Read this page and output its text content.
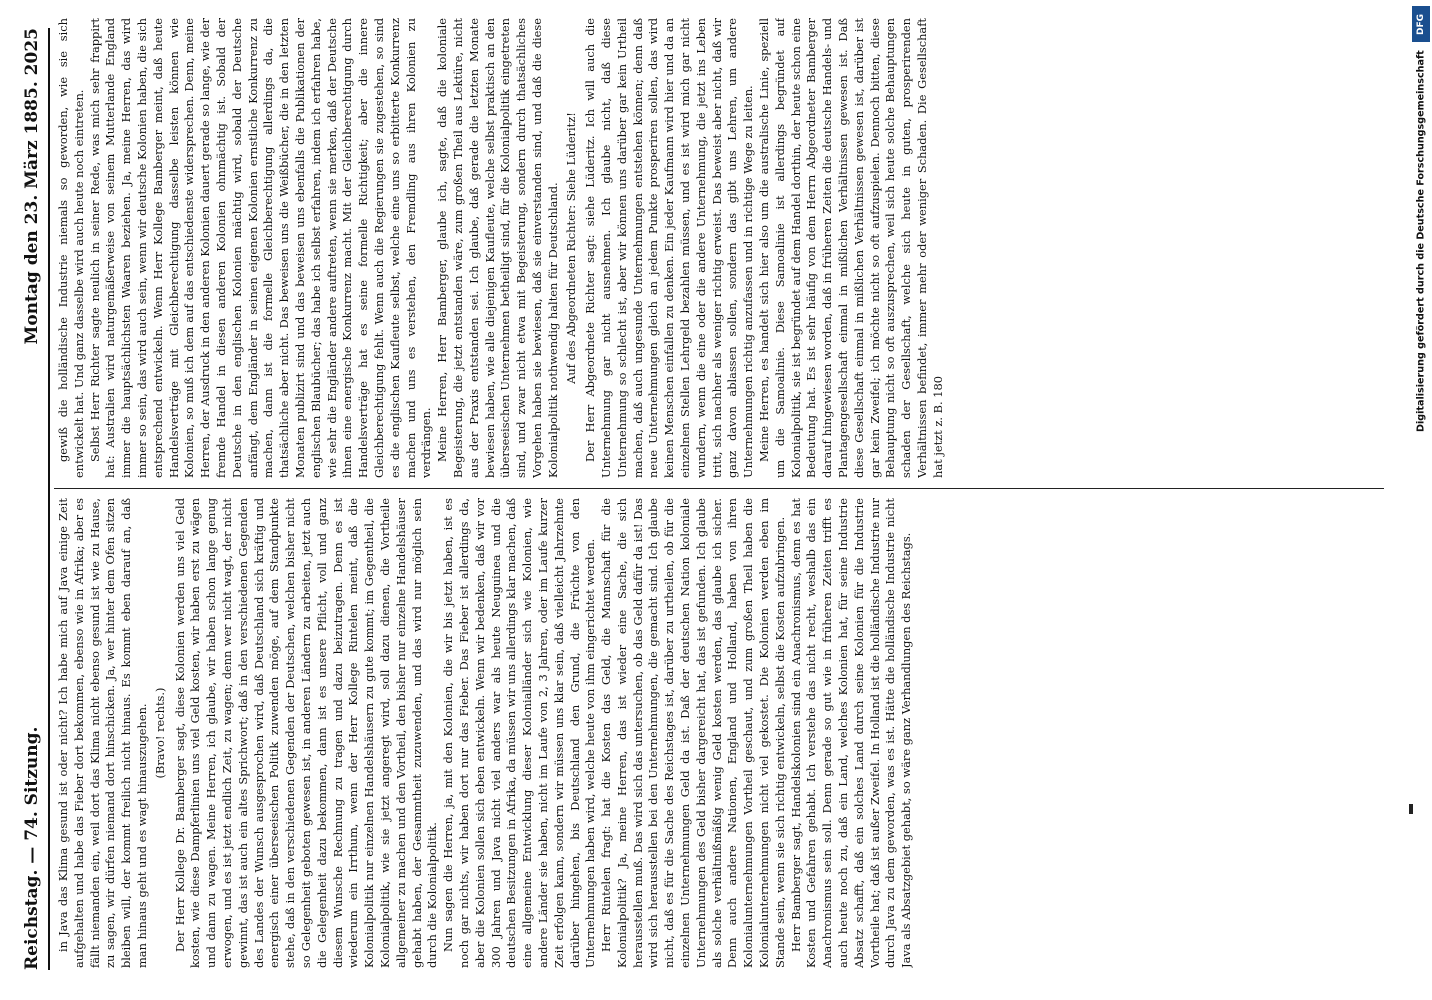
Reichstag. — 74. Sitzung.
Montag den 23. März 1885. 2025

in Java das Klima gesund ist oder nicht? Ich habe mich auf Java einige Zeit aufgehalten und habe das Fieber dort bekommen, ebenso wie in Afrika; aber es fällt niemanden ein, weil dort das Klima nicht ebenso gesund ist wie zu Hause, zu sagen, wir dürfen niemand dort hinschicken. Ja, wer hinter dem Ofen sitzen bleiben will, der kommt freilich nicht hinaus. Es kommt eben darauf an, daß man hinaus geht und es wagt hinauszugehen. (Bravo! rechts.) Der Herr Kollege Dr. Bamberger sagt, diese Kolonien werden uns viel Geld kosten, wie diese Dampferlinien uns viel Geld kosten, wir haben erst zu wägen und dann zu wagen. Meine Herren, ich glaube, wir haben schon lange genug erwogen, und es ist jetzt endlich Zeit, zu wagen; denn wer nicht wagt, der nicht gewinnt, das ist auch ein altes Sprichwort; daß in den verschiedenen Gegenden des Landes der Wunsch ausgesprochen wird, daß Deutschland sich kräftig und energisch einer überseeischen Politik zuwenden möge, auf dem Standpunkte stehe, daß in den verschiedenen Gegenden der Deutschen, welchen bisher nicht so Gelegenheit geboten gewesen ist, in anderen Ländern zu arbeiten, jetzt auch die Gelegenheit dazu bekommen, dann ist es unsere Pflicht, voll und ganz diesem Wunsche Rechnung zu tragen und dazu beizutragen. Denn es ist wiederum ein Irrthum, wenn der Herr Kollege Rintelen meint, daß die Kolonialpolitik nur einzelnen Handelshäusern zu gute kommt; im Gegentheil, die Kolonialpolitik, wie sie jetzt angeregt wird, soll dazu dienen, die Vortheile allgemeiner zu machen und den Vortheil, den bisher nur einzelne Handelshäuser gehabt haben, der Gesammtheit zuzuwenden, und das wird nur möglich sein durch die Kolonialpolitik. Nun sagen die Herren, ja, mit den Kolonien, die wir bis jetzt haben, ist es noch gar nichts, wir haben dort nur das Fieber. Das Fieber ist allerdings da, aber die Kolonien sollen sich eben entwickeln. Wenn wir bedenken, daß wir vor 300 Jahren und Java nicht viel anders war als heute Neuguinea und die deutschen Besitzungen in Afrika, da müssen wir uns allerdings klar machen, daß eine allgemeine Entwicklung dieser Kolonialländer sich wie Kolonien, wie andere Länder sie haben, nicht im Laufe von 2, 3 Jahren, oder im Laufe kurzer Zeit erfolgen kann, sondern wir müssen uns klar sein, daß vielleicht Jahrzehnte darüber hingehen, bis Deutschland den Grund, die Früchte von den Unternehmungen haben wird, welche heute von ihm eingerichtet werden. Herr Rintelen fragt: hat die Kosten das Geld, die Mannschaft für die Kolonialpolitik? Ja, meine Herren, das ist wieder eine Sache, die sich herausstellen muß. Das wird sich das untersuchen, ob das Geld dafür da ist! Das wird sich herausstellen bei den Unternehmungen, die gemacht sind. Ich glaube nicht, daß es für die Sache des Reichstages ist, darüber zu urtheilen, ob für die einzelnen Unternehmungen Geld da ist. Daß der deutschen Nation koloniale Unternehmungen des Geld bisher dargereicht hat, das ist gefunden. Ich glaube als solche verhältnißmäßig wenig Geld kosten werden, das glaube ich sicher. Denn auch andere Nationen, England und Holland, haben von ihren Kolonialunternehmungen Vortheil geschaut, und zum großen Theil haben die Kolonialunternehmungen nicht viel gekostet. Die Kolonien werden eben im Stande sein, wenn sie sich richtig entwickeln, selbst die Kosten aufzubringen. Herr Bamberger sagt, Handelskolonien sind ein Anachronismus, denn es hat Kosten und Gefahren gehabt. Ich verstehe das nicht recht, weshalb das ein Anachronismus sein soll. Denn gerade so gut wie in früheren Zeiten trifft es auch heute noch zu, daß ein Land, welches Kolonien hat, für seine Industrie Absatz schafft, daß ein solches Land durch seine Kolonien für die Industrie Vortheile hat; daß ist außer Zweifel. In Holland ist die holländische Industrie nur durch Java zu dem geworden, was es ist. Hätte die holländische Industrie nicht Java als Absatzgebiet gehabt, so wäre ganz Verhandlungen des Reichstags.

gewiß die holländische Industrie niemals so geworden, wie sie sich entwickelt hat. Und ganz dasselbe wird auch heute noch eintreten. Selbst Herr Richter sagte neulich in seiner Rede, was mich sehr frappirt hat: Australien wird naturgemäßerweise von seinem Mutterlande England immer die hauptsächlichsten Waaren beziehen. Ja, meine Herren, das wird immer so sein, das wird auch sein, wenn wir deutsche Kolonien haben, die sich entsprechend entwickeln. Wenn Herr Kollege Bamberger meint, daß heute Handelsverträge mit Gleichberechtigung dasselbe leisten können wie Kolonien, so muß ich dem auf das entschiedenste widersprechen. Denn, meine Herren, der Ausdruck in den anderen Kolonien dauert gerade so lange, wie der fremde Handel in diesen anderen Kolonien ohnmächtig ist. Sobald der Deutsche in den englischen Kolonien mächtig wird, sobald der Deutsche anfängt, dem Engländer in seinen eigenen Kolonien ernstliche Konkurrenz zu machen, dann ist die formelle Gleichberechtigung allerdings da, die thatsächliche aber nicht. Das beweisen uns die Weißbücher, die in den letzten Monaten publizirt sind und das beweisen uns ebenfalls die Publikationen der englischen Blaubücher; das habe ich selbst erfahren, indem ich erfahren habe, wie sehr die Engländer andere auftreten, wenn sie merken, daß der Deutsche ihnen eine energische Konkurrenz macht. Mit der Gleichberechtigung durch Handelsverträge hat es seine formelle Richtigkeit; aber die innere Gleichberechtigung fehlt. Wenn auch die Regierungen sie zugestehen, so sind es die englischen Kaufleute selbst, welche eine uns so erbitterte Konkurrenz machen und uns es verstehen, den Fremdling aus ihren Kolonien zu verdrängen. Meine Herren, Herr Bamberger, glaube ich, sagte, daß die koloniale Begeisterung, die jetzt entstanden wäre, zum großen Theil aus Lektüre, nicht aus der Praxis entstanden sei. Ich glaube, daß gerade die letzten Monate bewiesen haben, wie alle diejenigen Kaufleute, welche selbst praktisch an den überseeischen Unternehmen betheiligt sind, für die Kolonialpolitik eingetreten sind, und zwar nicht etwa mit Begeisterung, sondern durch thatsächliches Vorgehen haben sie bewiesen, daß sie einverstanden sind, und daß die diese Kolonialpolitik nothwendig halten für Deutschland. Auf des Abgeordneten Richter: Siehe Lüderitz! Der Herr Abgeordnete Richter sagt: siehe Lüderitz. Ich will auch die Unternehmung gar nicht ausnehmen. Ich glaube nicht, daß diese Unternehmung so schlecht ist, aber wir können uns darüber gar kein Urtheil machen, daß auch ungesunde Unternehmungen entstehen können; denn daß neue Unternehmungen gleich an jedem Punkte prosperiren sollen, das wird keinen Menschen einfallen zu denken. Ein jeder Kaufmann wird hier und da an einzelnen Stellen Lehrgeld bezahlen müssen, und es ist wird mich gar nicht wundern, wenn die eine oder die andere Unternehmung, die jetzt ins Leben tritt, sich nachher als weniger richtig erweist. Das beweist aber nicht, daß wir ganz davon ablassen sollen, sondern das gibt uns Lehren, um andere Unternehmungen richtig anzufassen und in richtige Wege zu leiten. Meine Herren, es handelt sich hier also um die australische Linie, speziell um die Samoalinie. Diese Samoalinie ist allerdings begründet auf Kolonialpolitik, sie ist begründet auf dem Handel dorthin, der heute schon eine Bedeutung hat. Es ist sehr häufig von dem Herrn Abgeordneter Bamberger darauf hingewiesen worden, daß in früheren Zeiten die deutsche Handels- und Plantagengesellschaft einmal in mißlichen Verhältnissen gewesen ist. Daß diese Gesellschaft einmal in mißlichen Verhältnissen gewesen ist, darüber ist gar kein Zweifel; ich möchte nicht so oft aufzuspielen. Dennoch bitten, diese Behauptung nicht so oft auszusprechen, weil sich heute solche Behauptungen schaden der Gesellschaft, welche sich heute in guten, prosperirenden Verhältnissen befindet, immer mehr oder weniger Schaden. Die Gesellschaft hat jetzt z. B. 180

DFG
Digitalisierung gefördert durch die Deutsche Forschungsgemeinschaft
